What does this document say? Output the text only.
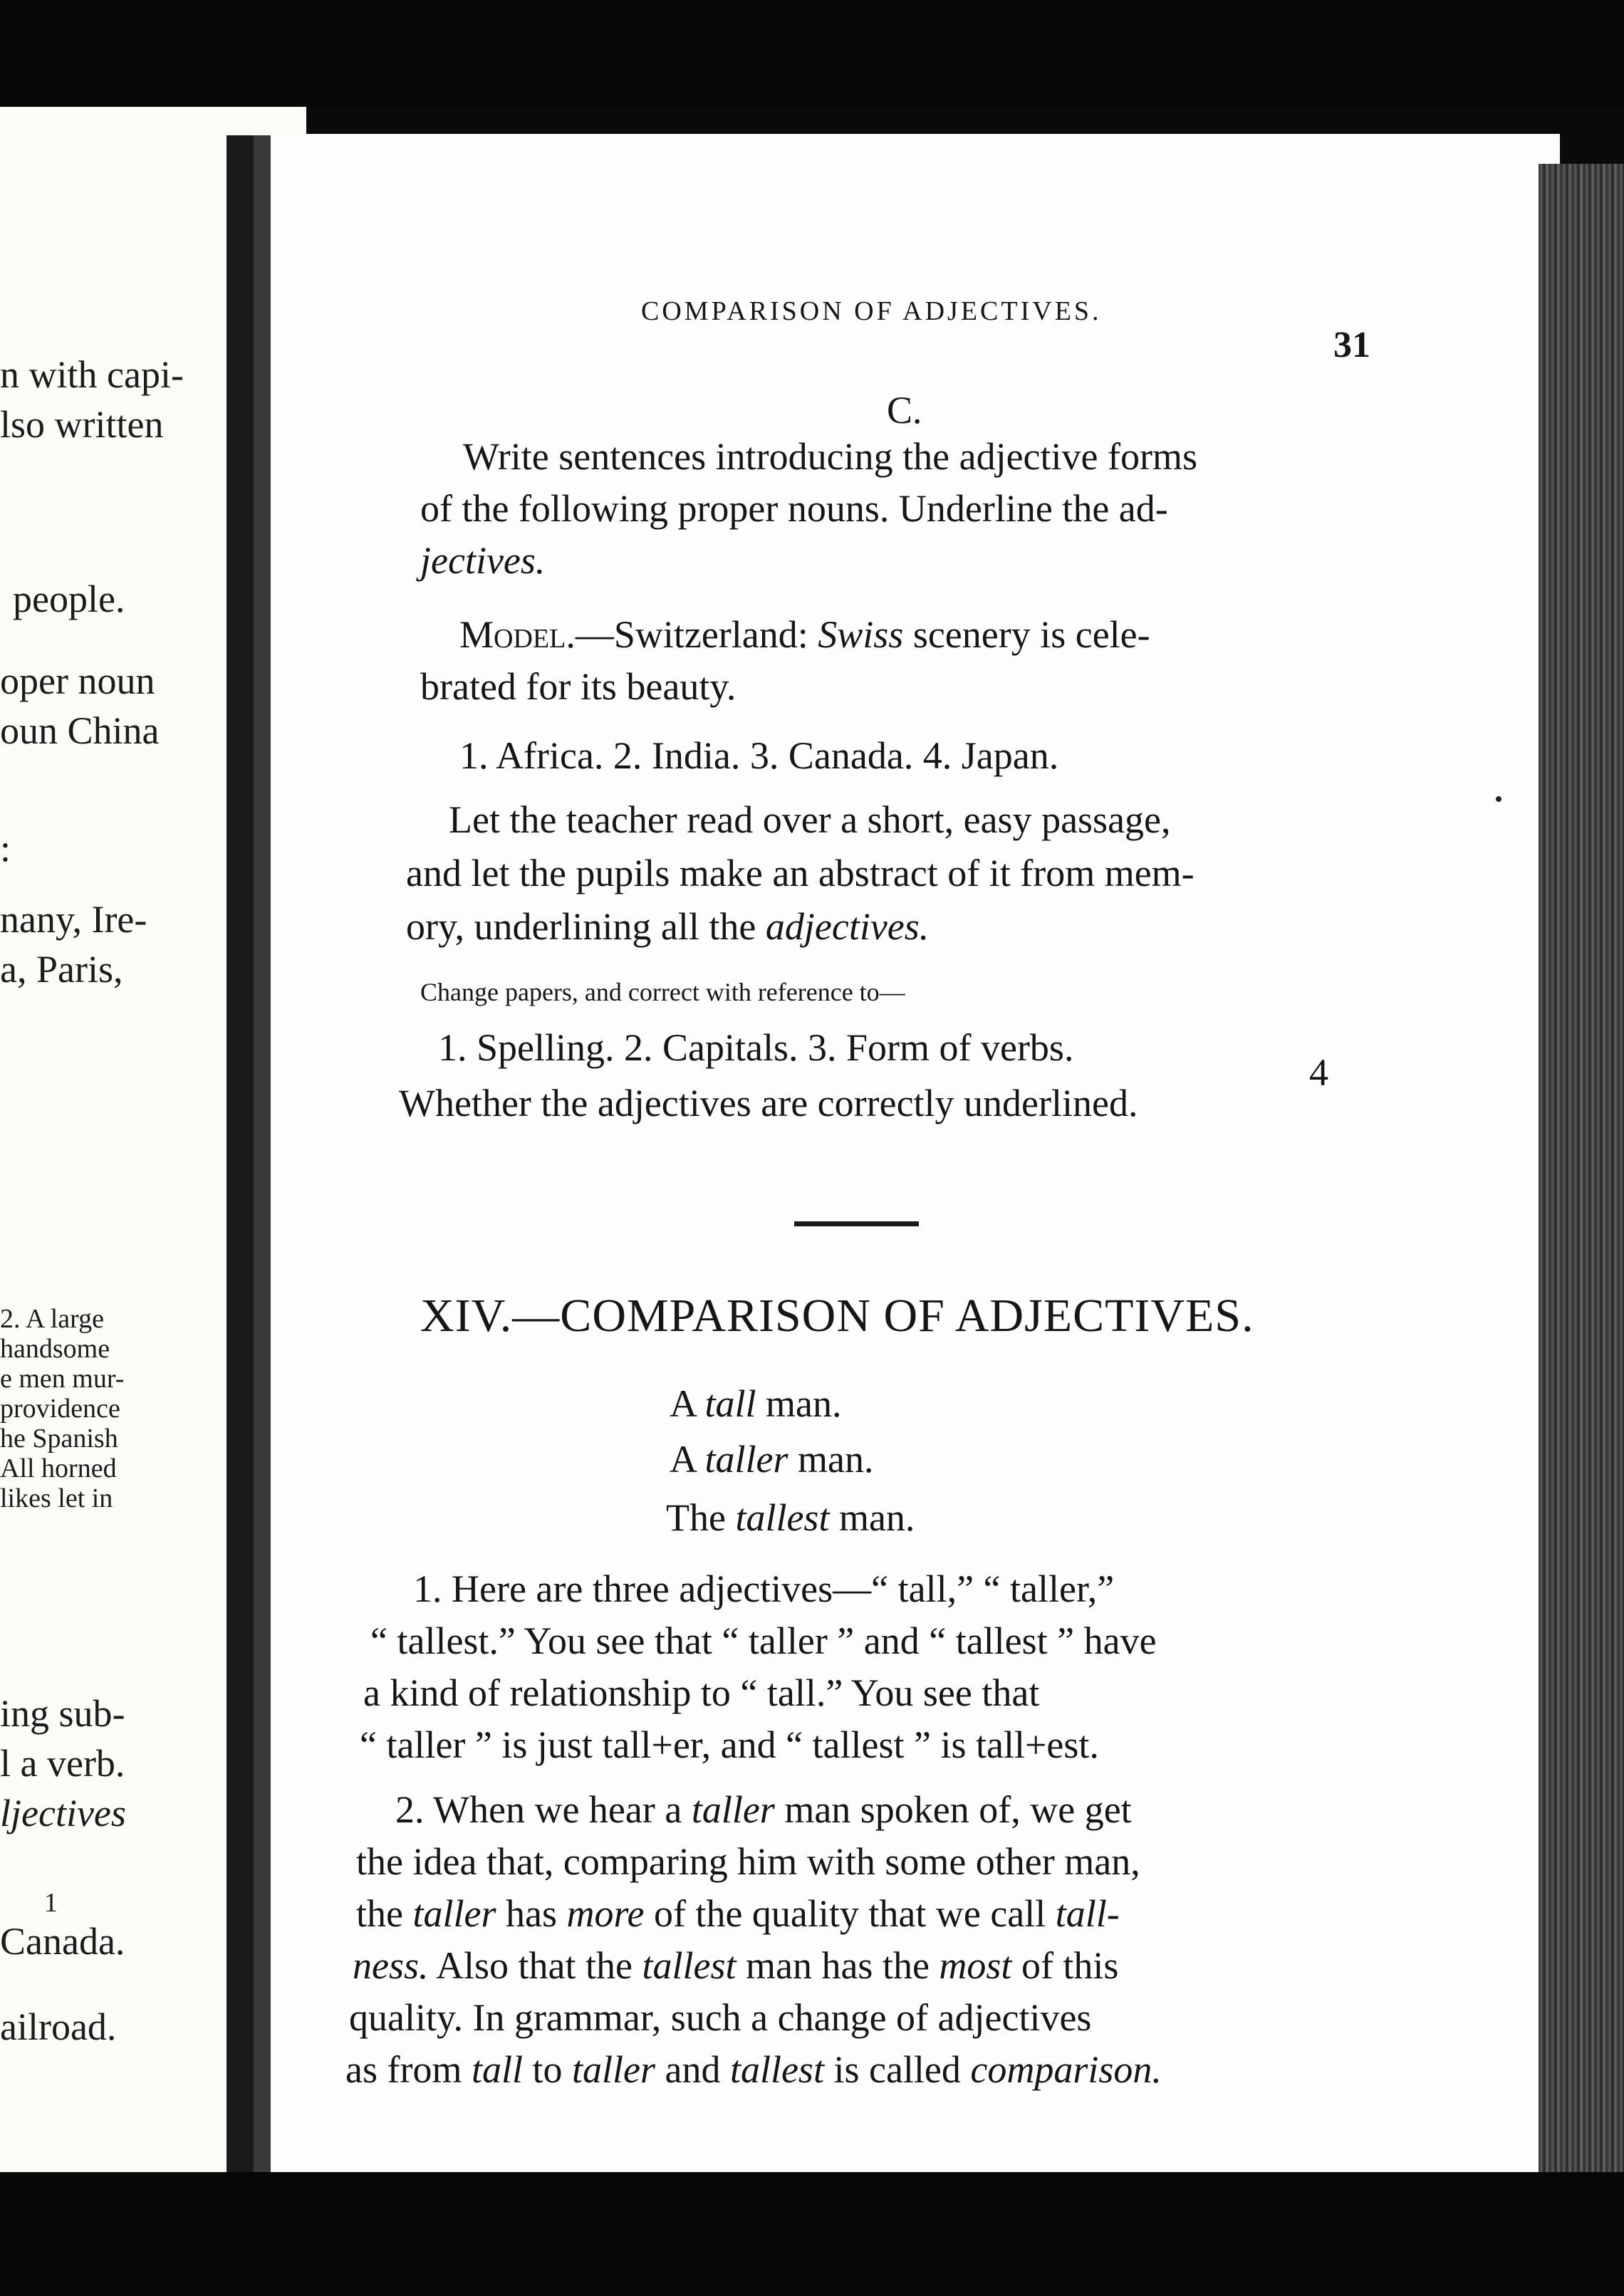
n with capi-
lso written
people.
oper noun
oun China
:
nany, Ire-
a, Paris,
2. A large
handsome
e men mur-
providence
he Spanish
All horned
likes let in
ing sub-
l a verb.
ljectives
1
Canada.
ailroad.
COMPARISON OF ADJECTIVES.
31
C.
Write sentences introducing the adjective forms
of the following proper nouns. Underline the ad-
jectives.
Model.—Switzerland: Swiss scenery is cele-
brated for its beauty.
1. Africa. 2. India. 3. Canada. 4. Japan.
Let the teacher read over a short, easy passage,
and let the pupils make an abstract of it from mem-
ory, underlining all the adjectives.
Change papers, and correct with reference to—
1. Spelling. 2. Capitals. 3. Form of verbs.
4
Whether the adjectives are correctly underlined.
XIV.—COMPARISON OF ADJECTIVES.
A tall man.
A taller man.
The tallest man.
1. Here are three adjectives—“ tall,” “ taller,”
“ tallest.” You see that “ taller ” and “ tallest ” have
a kind of relationship to “ tall.” You see that
“ taller ” is just tall+er, and “ tallest ” is tall+est.
2. When we hear a taller man spoken of, we get
the idea that, comparing him with some other man,
the taller has more of the quality that we call tall-
ness. Also that the tallest man has the most of this
quality. In grammar, such a change of adjectives
as from tall to taller and tallest is called comparison.
